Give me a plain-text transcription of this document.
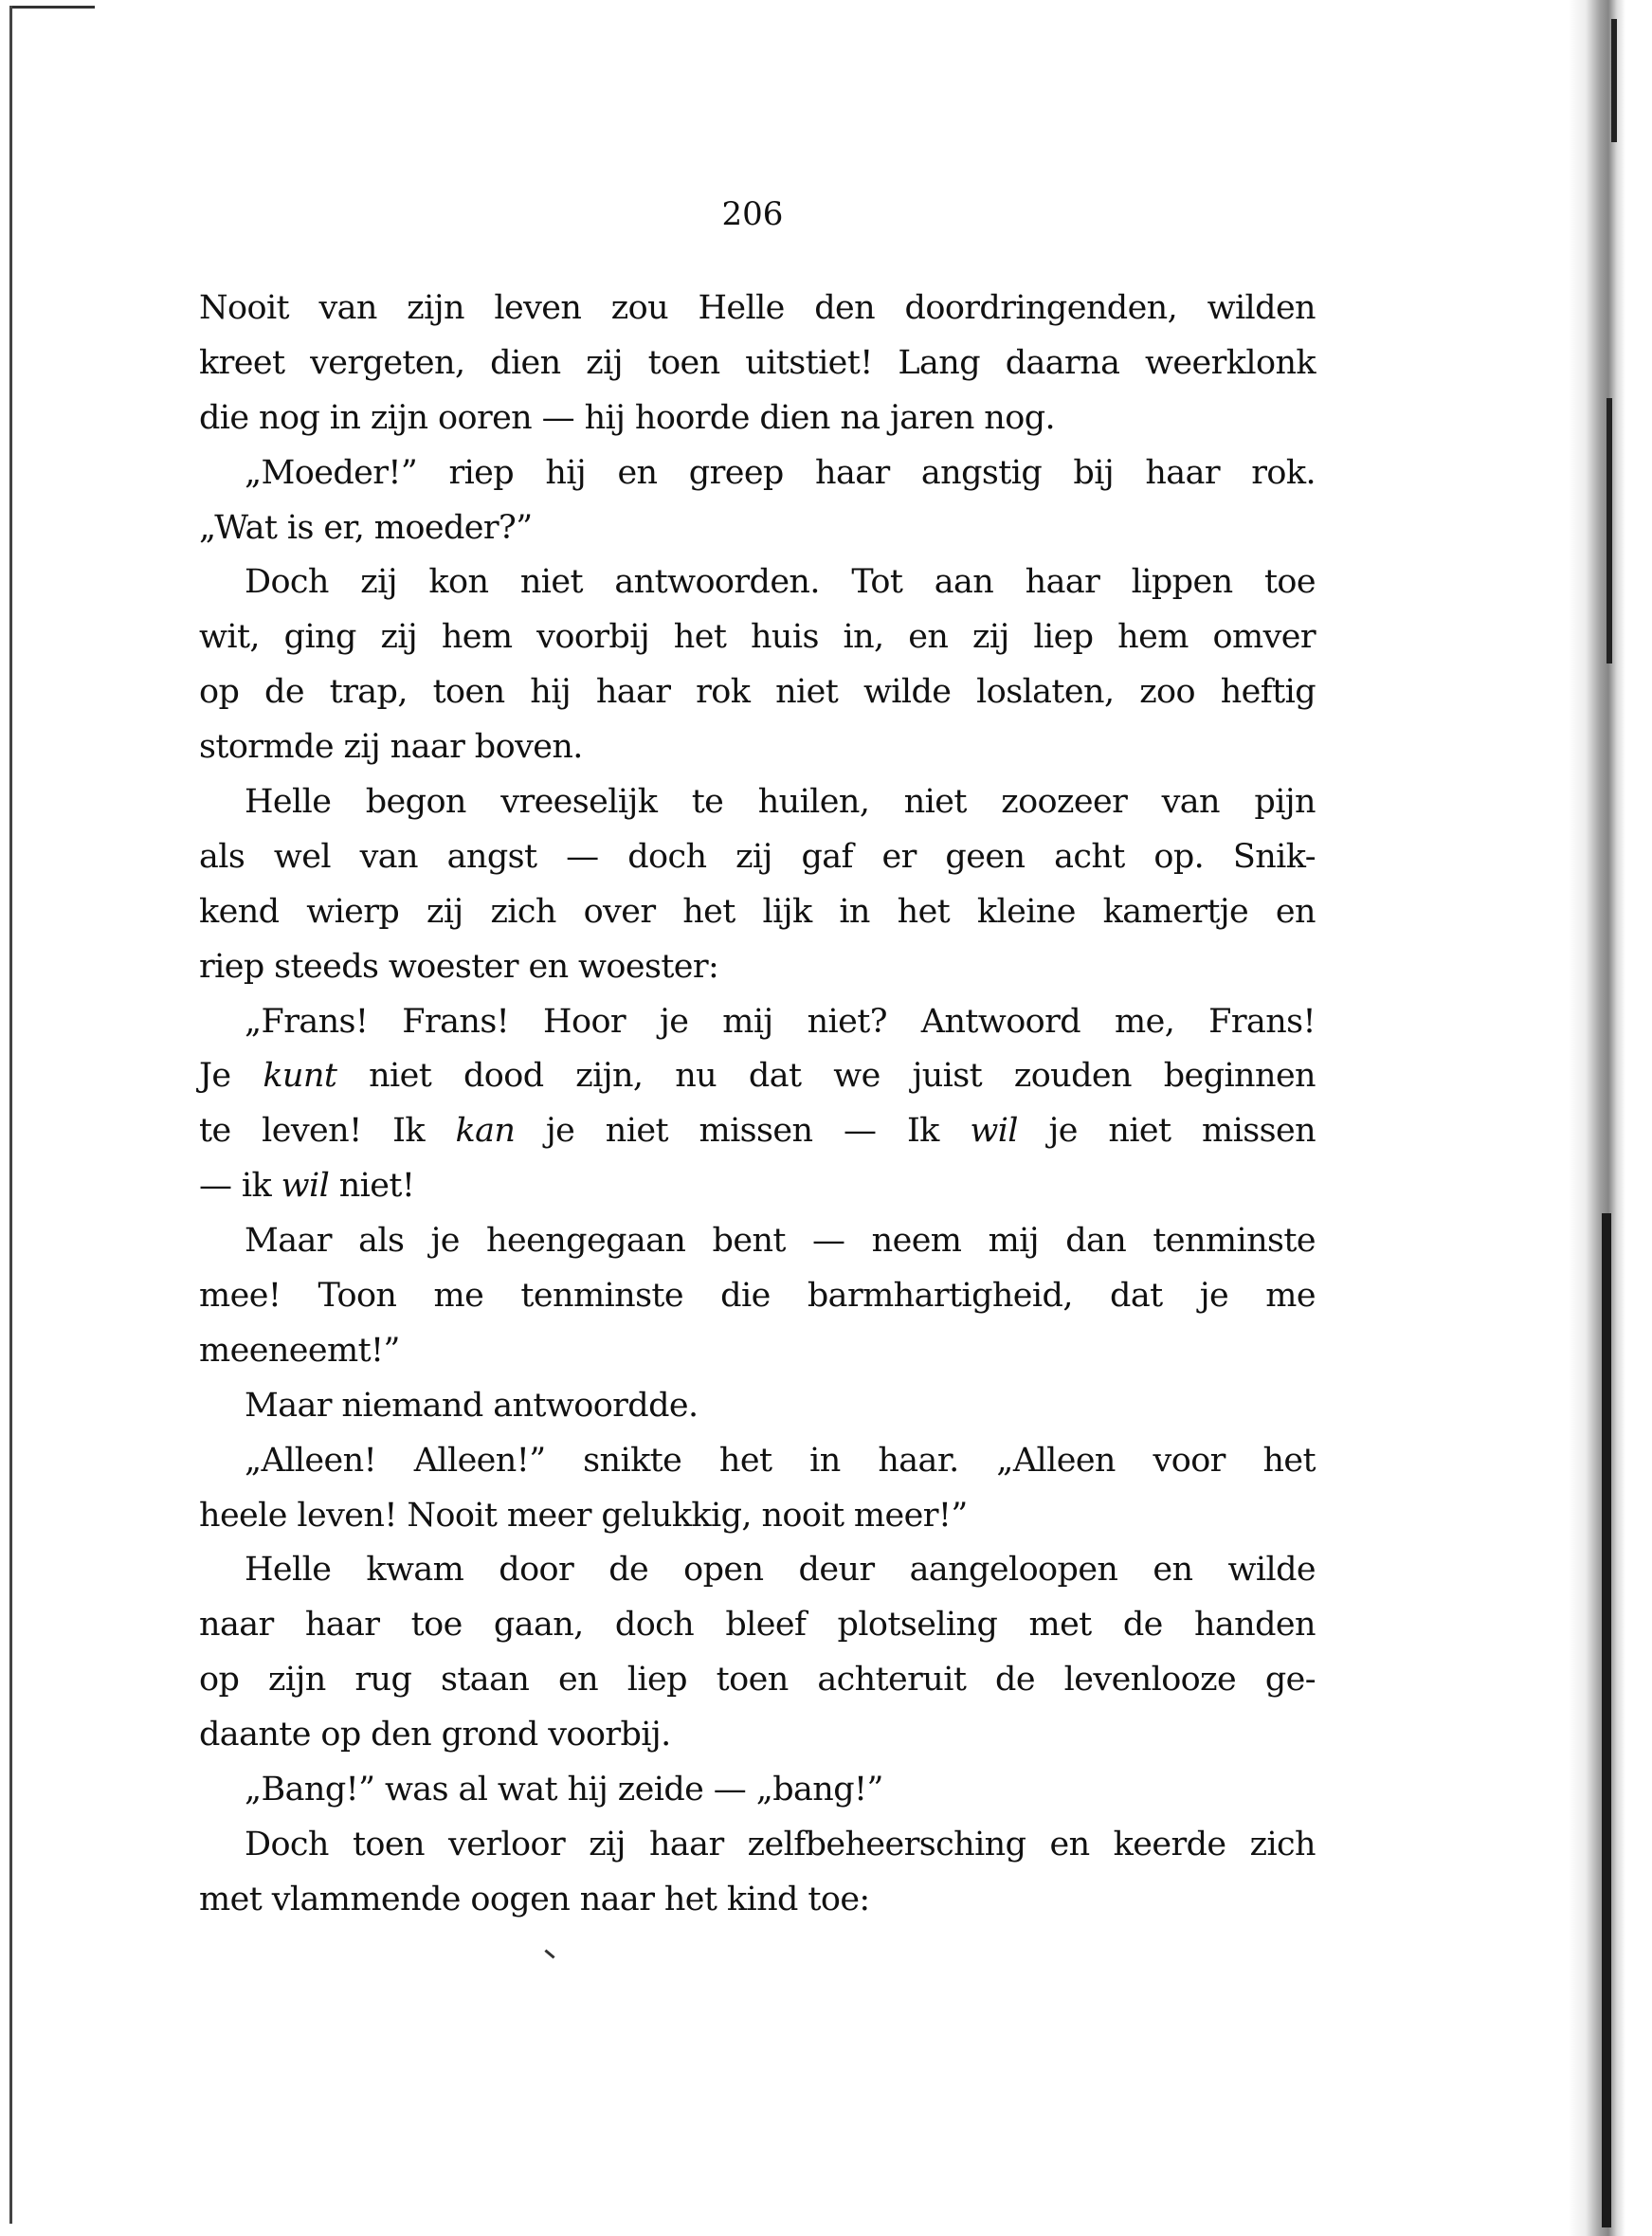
206
Nooit van zijn leven zou Helle den doordringenden, wilden
kreet vergeten, dien zij toen uitstiet! Lang daarna weerklonk
die nog in zijn ooren — hij hoorde dien na jaren nog.
„Moeder!” riep hij en greep haar angstig bij haar rok.
„Wat is er, moeder?”
Doch zij kon niet antwoorden. Tot aan haar lippen toe
wit, ging zij hem voorbij het huis in, en zij liep hem omver
op de trap, toen hij haar rok niet wilde loslaten, zoo heftig
stormde zij naar boven.
Helle begon vreeselijk te huilen, niet zoozeer van pijn
als wel van angst — doch zij gaf er geen acht op. Snik-
kend wierp zij zich over het lijk in het kleine kamertje en
riep steeds woester en woester:
„Frans! Frans! Hoor je mij niet? Antwoord me, Frans!
Je kunt niet dood zijn, nu dat we juist zouden beginnen
te leven! Ik kan je niet missen — Ik wil je niet missen
— ik wil niet!
Maar als je heengegaan bent — neem mij dan tenminste
mee! Toon me tenminste die barmhartigheid, dat je me
meeneemt!”
Maar niemand antwoordde.
„Alleen! Alleen!” snikte het in haar. „Alleen voor het
heele leven! Nooit meer gelukkig, nooit meer!”
Helle kwam door de open deur aangeloopen en wilde
naar haar toe gaan, doch bleef plotseling met de handen
op zijn rug staan en liep toen achteruit de levenlooze ge-
daante op den grond voorbij.
„Bang!” was al wat hij zeide — „bang!”
Doch toen verloor zij haar zelfbeheersching en keerde zich
met vlammende oogen naar het kind toe:
